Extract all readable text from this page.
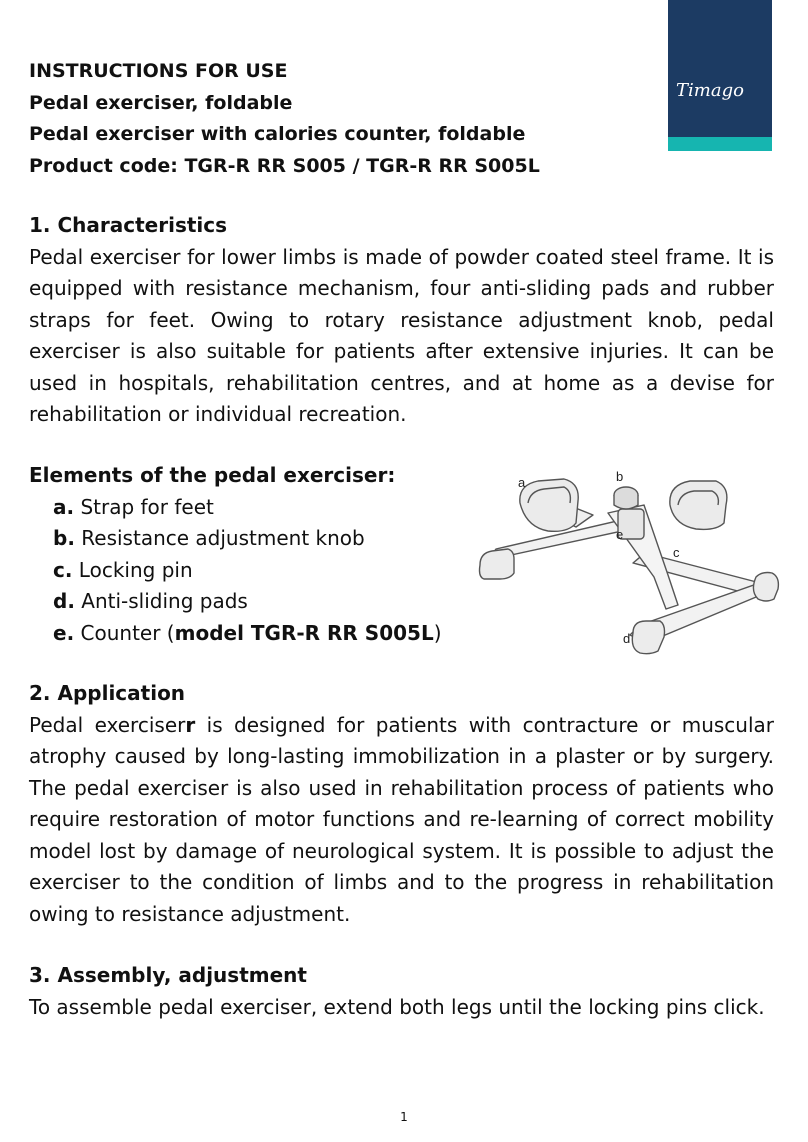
Timago
INSTRUCTIONS FOR USE
Pedal exerciser, foldable
Pedal exerciser with calories counter, foldable
Product code: TGR-R RR S005 / TGR-R RR S005L
1. Characteristics
Pedal exerciser for lower limbs is made of powder coated steel frame. It is equipped with resistance mechanism, four anti-sliding pads and rubber straps for feet. Owing to rotary resistance adjustment knob, pedal exerciser is also suitable for patients after extensive injuries. It can be used in hospitals, rehabilitation centres, and at home as a devise for rehabilitation or individual recreation.
Elements of the pedal exerciser:
a. Strap for feet
b. Resistance adjustment knob
c. Locking pin
d. Anti-sliding pads
e. Counter (model TGR-R RR S005L)
a	b
c
d
e
2. Application
Pedal exerciserr is designed for patients with contracture or muscular atrophy caused by long-lasting immobilization in a plaster or by surgery. The pedal exerciser is also used in rehabilitation process of patients who require restoration of motor functions and re-learning of correct mobility model lost by damage of neurological system. It is possible to adjust the exerciser to the condition of limbs and to the progress in rehabilitation owing to resistance adjustment.
3. Assembly, adjustment
To assemble pedal exerciser, extend both legs until the locking pins click.
1
